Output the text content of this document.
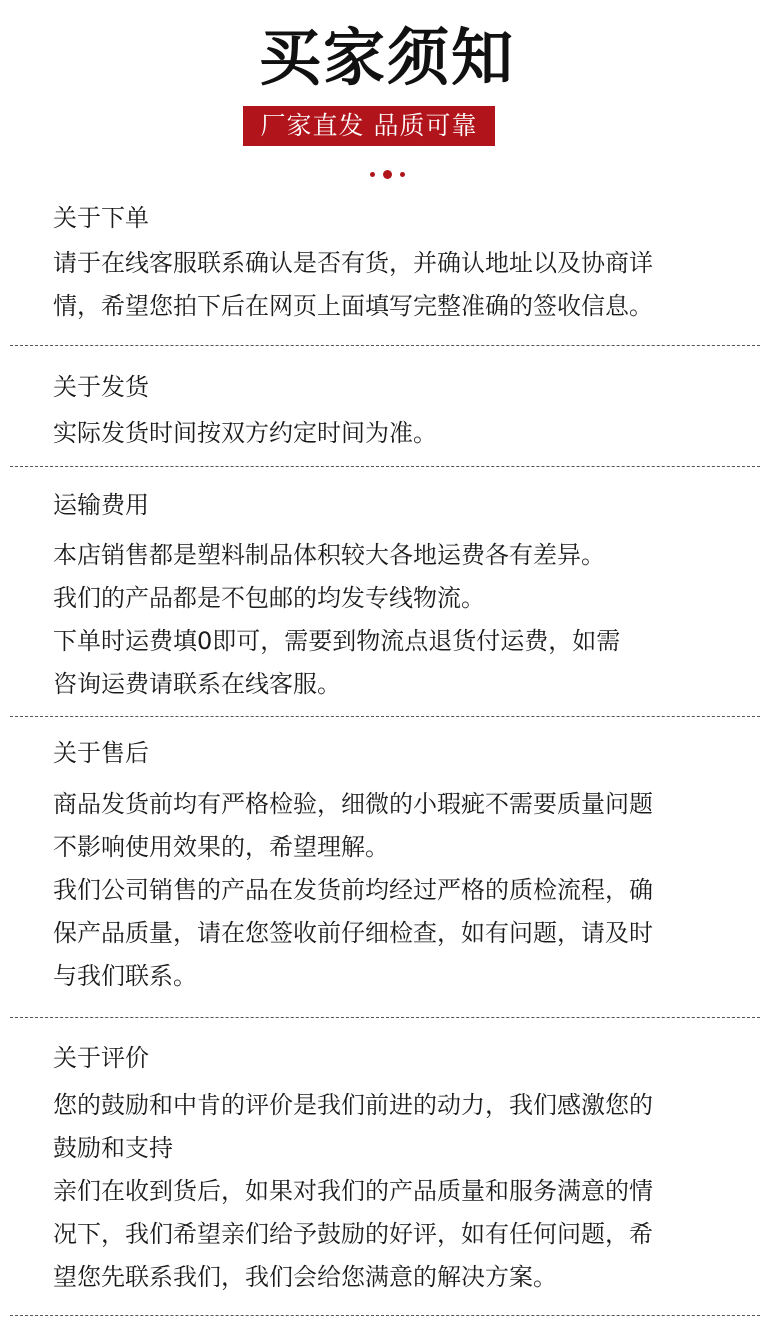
买家须知
厂家直发 品质可靠
关于下单
请于在线客服联系确认是否有货，并确认地址以及协商详
情，希望您拍下后在网页上面填写完整准确的签收信息。
关于发货
实际发货时间按双方约定时间为准。
运输费用
本店销售都是塑料制品体积较大各地运费各有差异。
我们的产品都是不包邮的均发专线物流。
下单时运费填0即可，需要到物流点退货付运费，如需
咨询运费请联系在线客服。
关于售后
商品发货前均有严格检验，细微的小瑕疵不需要质量问题
不影响使用效果的，希望理解。
我们公司销售的产品在发货前均经过严格的质检流程，确
保产品质量，请在您签收前仔细检查，如有问题，请及时
与我们联系。
关于评价
您的鼓励和中肯的评价是我们前进的动力，我们感激您的
鼓励和支持
亲们在收到货后，如果对我们的产品质量和服务满意的情
况下，我们希望亲们给予鼓励的好评，如有任何问题，希
望您先联系我们，我们会给您满意的解决方案。
